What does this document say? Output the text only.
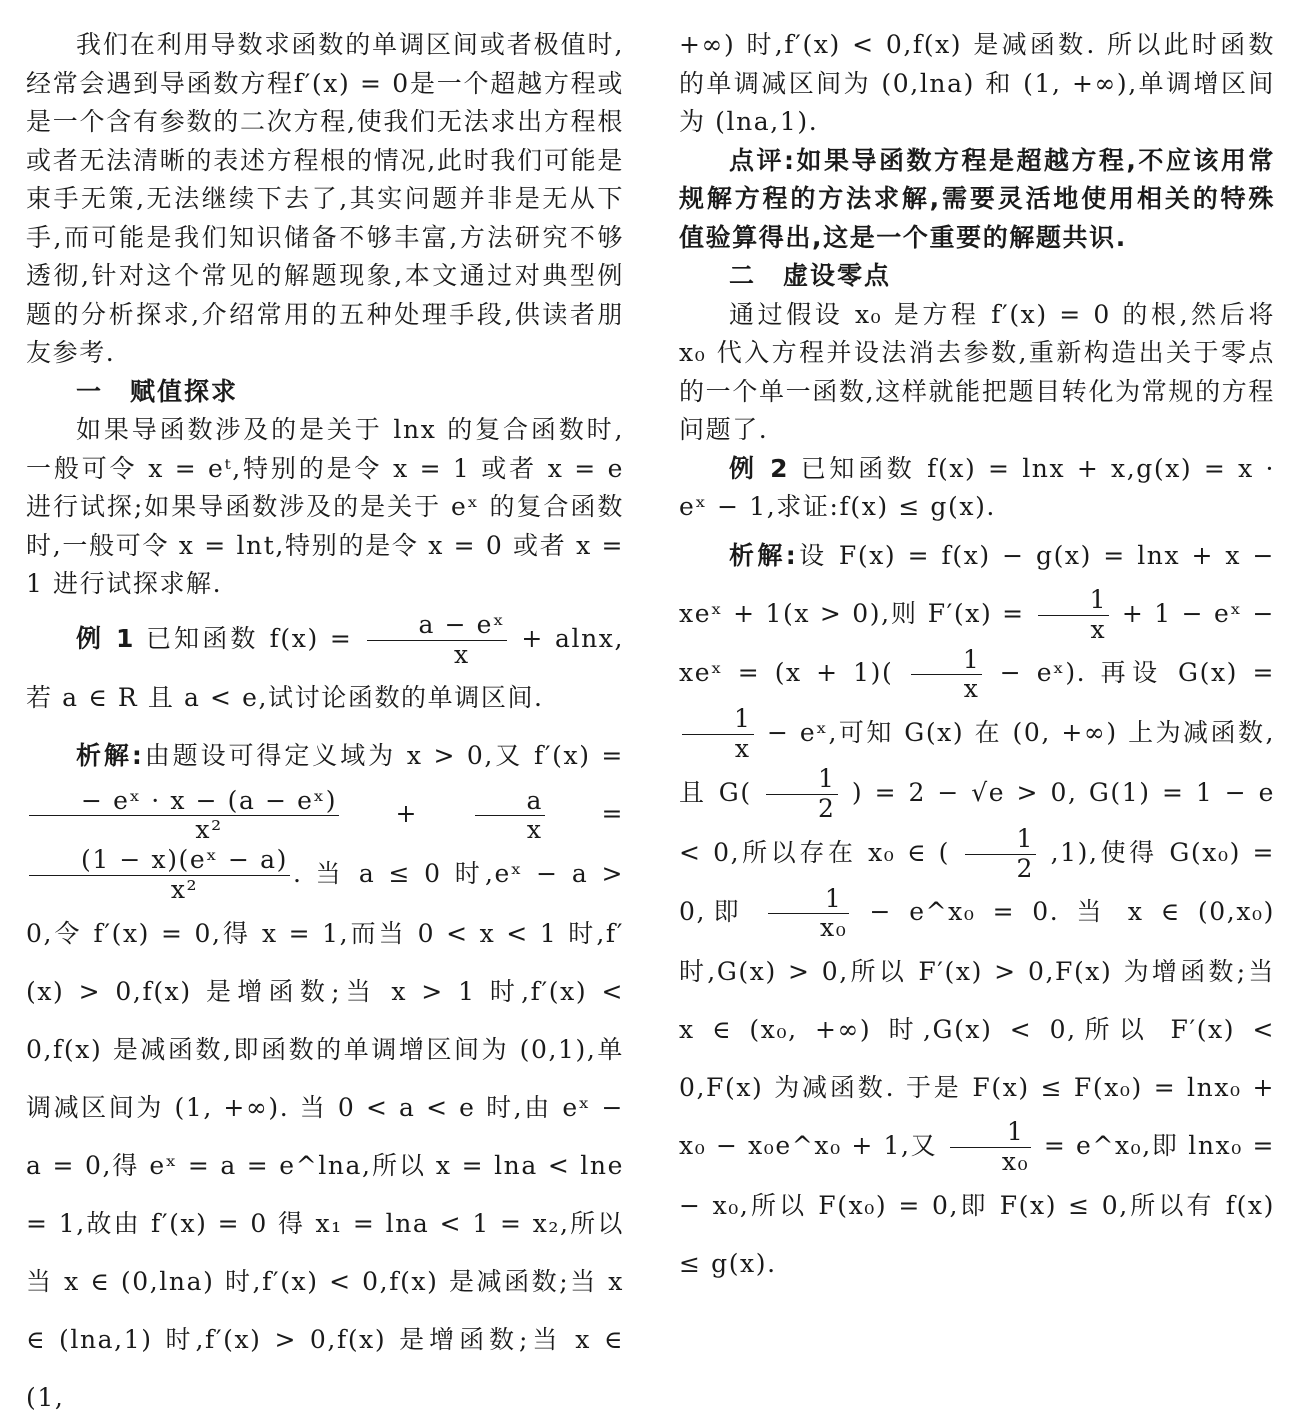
我们在利用导数求函数的单调区间或者极值时,经常会遇到导函数方程f′(x) = 0是一个超越方程或是一个含有参数的二次方程,使我们无法求出方程根或者无法清晰的表述方程根的情况,此时我们可能是束手无策,无法继续下去了,其实问题并非是无从下手,而可能是我们知识储备不够丰富,方法研究不够透彻,针对这个常见的解题现象,本文通过对典型例题的分析探求,介绍常用的五种处理手段,供读者朋友参考.

一　赋值探求

如果导函数涉及的是关于 lnx 的复合函数时,一般可令 x = eᵗ,特别的是令 x = 1 或者 x = e 进行试探;如果导函数涉及的是关于 eˣ 的复合函数时,一般可令 x = lnt,特别的是令 x = 0 或者 x = 1 进行试探求解.

例 1 已知函数 $f(x) = \frac{\text{a − eˣ}}{x} + alnx$,若 a ∈ R 且 a < e,试讨论函数的单调区间.

析解:由题设可得定义域为 x > 0,又 f′(x) =
$\frac{\text{− eˣ · x − (a − eˣ)}}{\text{x²}} + \frac{a}{x}$ =
$\frac{\text{(1 − x)(eˣ − a)}}{\text{x²}}$ . 当 a ≤ 0 时,eˣ − a > 0,令 f′(x) = 0,得 x = 1,而当 0 < x < 1 时,f′(x) > 0,f(x) 是增函数;当 x > 1 时,f′(x) < 0,f(x) 是减函数,即函数的单调增区间为 (0,1),单调减区间为 (1, +∞). 当 0 < a < e 时,由 eˣ − a = 0,得 eˣ = a = e^lna,所以 x = lna < lne = 1,故由 f′(x) = 0 得 x₁ = lna < 1 = x₂,所以当 x ∈ (0,lna) 时,f′(x) < 0,f(x) 是减函数;当 x ∈ (lna,1) 时,f′(x) > 0,f(x) 是增函数;当 x ∈ (1,

+∞) 时,f′(x) < 0,f(x) 是减函数. 所以此时函数的单调减区间为 (0,lna) 和 (1, +∞),单调增区间为 (lna,1).

点评:如果导函数方程是超越方程,不应该用常规解方程的方法求解,需要灵活地使用相关的特殊值验算得出,这是一个重要的解题共识.

二　虚设零点

通过假设 x₀ 是方程 f′(x) = 0 的根,然后将 x₀ 代入方程并设法消去参数,重新构造出关于零点的一个单一函数,这样就能把题目转化为常规的方程问题了.

例 2 已知函数 f(x) = lnx + x,g(x) = x · eˣ − 1,求证:f(x) ≤ g(x).

析解:设 F(x) = f(x) − g(x) = lnx + x − xeˣ + 1(x > 0),则 $F'(x) = \frac{1}{x} + 1$ − eˣ − xeˣ = $(x + 1)( \frac{1}{x}$ − eˣ). 再设 G(x) =
$\frac{1}{x}$ − eˣ,可知 G(x) 在 (0, +∞) 上为减函数,且 $G( \frac{1}{2}$ ) = 2 − √e > 0, G(1) = 1 − e < 0,所以存在 x₀ ∈ ( $\frac{1}{2} ,1$),使得 G(x₀) = 0,即 $\frac{1}{\text{x₀}}$ − e^x₀ = 0. 当 x ∈ (0,x₀) 时,G(x) > 0,所以 F′(x) > 0,F(x) 为增函数;当 x ∈ (x₀, +∞) 时,G(x) < 0,所以 F′(x) < 0,F(x) 为减函数. 于是 F(x) ≤ F(x₀) = lnx₀ + x₀ − x₀e^x₀ + 1,又 $\frac{1}{\text{x₀}}$ = e^x₀,即 lnx₀ = − x₀,所以 F(x₀) = 0,即 F(x) ≤ 0,所以有 f(x) ≤ g(x).
